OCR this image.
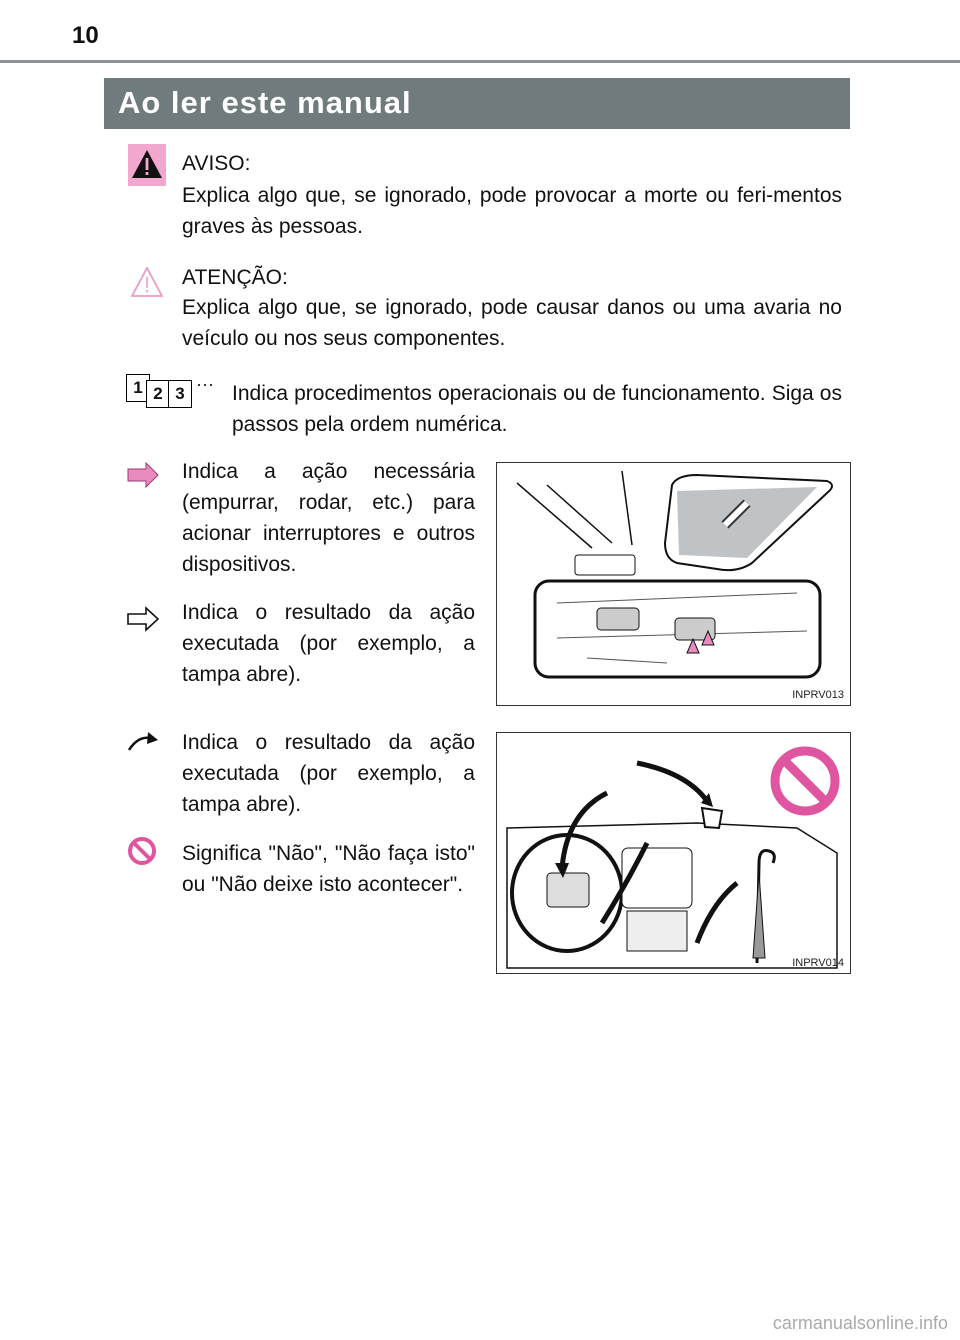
10
Ao ler este manual
AVISO:
Explica algo que, se ignorado, pode provocar a morte ou feri-mentos graves às pessoas.
ATENÇÃO:
Explica algo que, se ignorado, pode causar danos ou uma avaria no veículo ou nos seus componentes.
1 2 3 ··· Indica procedimentos operacionais ou de funcionamento. Siga os passos pela ordem numérica.
Indica a ação necessária (empurrar, rodar, etc.) para acionar interruptores e outros dispositivos.
Indica o resultado da ação executada (por exemplo, a tampa abre).
INPRV013
Indica o resultado da ação executada (por exemplo, a tampa abre).
Significa "Não", "Não faça isto" ou "Não deixe isto acontecer".
INPRV014
carmanualsonline.info
